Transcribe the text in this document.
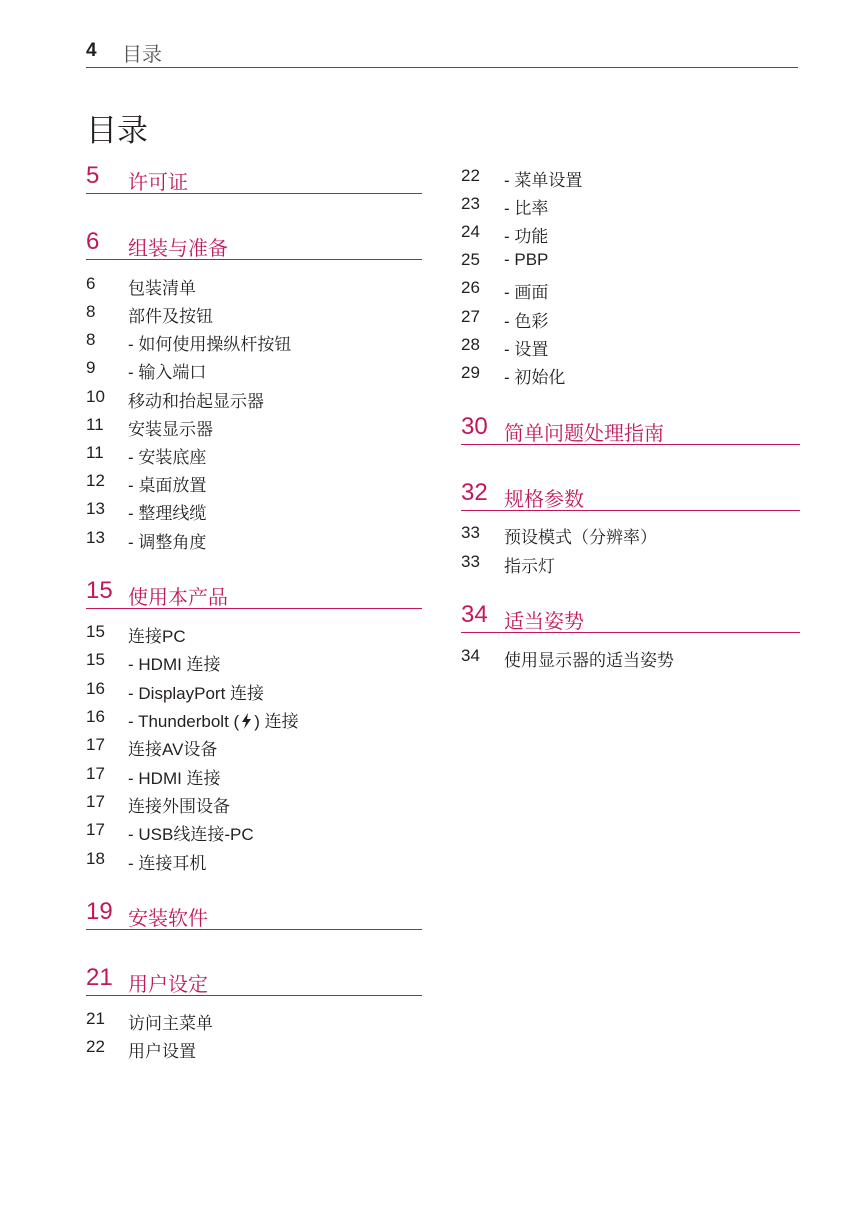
4 目录
目录
5 许可证
6 组装与准备
6 包装清单
8 部件及按钮
8 - 如何使用操纵杆按钮
9 - 输入端口
10 移动和抬起显示器
11 安装显示器
11 - 安装底座
12 - 桌面放置
13 - 整理线缆
13 - 调整角度
15 使用本产品
15 连接PC
15 - HDMI 连接
16 - DisplayPort 连接
16 - Thunderbolt ( ) 连接
17 连接AV设备
17 - HDMI 连接
17 连接外围设备
17 - USB线连接-PC
18 - 连接耳机
19 安装软件
21 用户设定
21 访问主菜单
22 用户设置
22 - 菜单设置
23 - 比率
24 - 功能
25 - PBP
26 - 画面
27 - 色彩
28 - 设置
29 - 初始化
30 简单问题处理指南
32 规格参数
33 预设模式（分辨率）
33 指示灯
34 适当姿势
34 使用显示器的适当姿势
